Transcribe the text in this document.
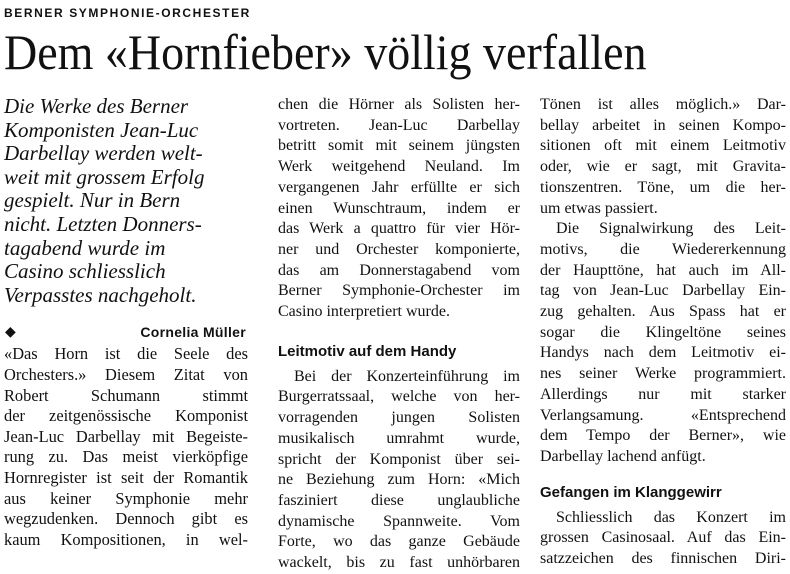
BERNER SYMPHONIE-ORCHESTER
Dem «Hornfieber» völlig verfallen

Die Werke des Berner

Komponisten Jean-Luc

Darbellay werden welt-

weit mit grossem Erfolg

gespielt. Nur in Bern

nicht. Letzten Donners-

tagabend wurde im

Casino schliesslich

Verpasstes nachgeholt.

◆	Cornelia Müller

«Das Horn ist die Seele des

Orchesters.» Diesem Zitat von

Robert Schumann stimmt

der zeitgenössische Komponist

Jean-Luc Darbellay mit Begeiste-

rung zu. Das meist vierköpfige

Hornregister ist seit der Romantik

aus keiner Symphonie mehr

wegzudenken. Dennoch gibt es

kaum Kompositionen, in wel-

chen die Hörner als Solisten her-

vortreten. Jean-Luc Darbellay

betritt somit mit seinem jüngsten

Werk weitgehend Neuland. Im

vergangenen Jahr erfüllte er sich

einen Wunschtraum, indem er

das Werk a quattro für vier Hör-

ner und Orchester komponierte,

das am Donnerstagabend vom

Berner Symphonie-Orchester im

Casino interpretiert wurde.

Leitmotiv auf dem Handy

Bei der Konzerteinführung im

Burgerratssaal, welche von her-

vorragenden jungen Solisten

musikalisch umrahmt wurde,

spricht der Komponist über sei-

ne Beziehung zum Horn: «Mich

fasziniert diese unglaubliche

dynamische Spannweite. Vom

Forte, wo das ganze Gebäude

wackelt, bis zu fast unhörbaren

Tönen ist alles möglich.» Dar-

bellay arbeitet in seinen Kompo-

sitionen oft mit einem Leitmotiv

oder, wie er sagt, mit Gravita-

tionszentren. Töne, um die her-

um etwas passiert.

Die Signalwirkung des Leit-

motivs, die Wiedererkennung

der Haupttöne, hat auch im All-

tag von Jean-Luc Darbellay Ein-

zug gehalten. Aus Spass hat er

sogar die Klingeltöne seines

Handys nach dem Leitmotiv ei-

nes seiner Werke programmiert.

Allerdings nur mit starker

Verlangsamung. «Entsprechend

dem Tempo der Berner», wie

Darbellay lachend anfügt.

Gefangen im Klanggewirr

Schliesslich das Konzert im

grossen Casinosaal. Auf das Ein-

satzzeichen des finnischen Diri-
